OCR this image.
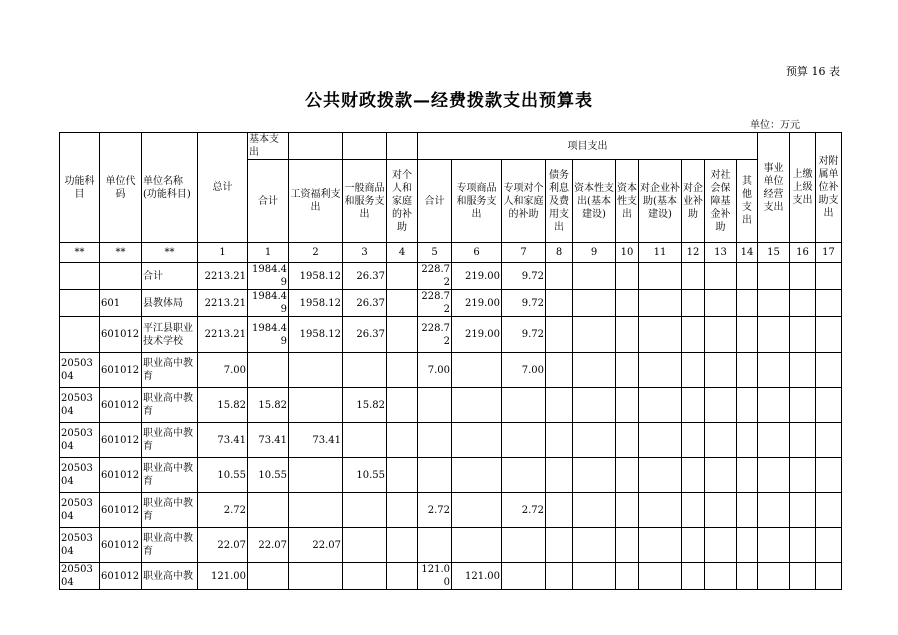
预算 16 表
公共财政拨款—经费拨款支出预算表
单位：万元
功能科目	单位代码	单位名称(功能科目)	总计	基本支出				项目支出										事业单位经营支出	上缴上级支出	对附属单位补助支出
				合计	工资福利支出	一般商品和服务支出	对个人和家庭的补助	合计	专项商品和服务支出	专项对个人和家庭的补助	债务利息及费用支出	资本性支出(基本建设)	资本性支出	对企业补助(基本建设)	对企业补助	对社会保障基金补助	其他支出			
**	**	**	1	1	2	3	4	5	6	7	8	9	10	11	12	13	14	15	16	17
		合计	2213.21	1984.49	1958.12	26.37		228.72	219.00	9.72										
	601	县教体局	2213.21	1984.49	1958.12	26.37		228.72	219.00	9.72										
	601012	平江县职业技术学校	2213.21	1984.49	1958.12	26.37		228.72	219.00	9.72										
2050304	601012	职业高中教育	7.00					7.00		7.00										
2050304	601012	职业高中教育	15.82	15.82		15.82														
2050304	601012	职业高中教育	73.41	73.41	73.41															
2050304	601012	职业高中教育	10.55	10.55		10.55														
2050304	601012	职业高中教育	2.72					2.72		2.72										
2050304	601012	职业高中教育	22.07	22.07	22.07															
2050304	601012	职业高中教	121.00					121.00	121.00											
